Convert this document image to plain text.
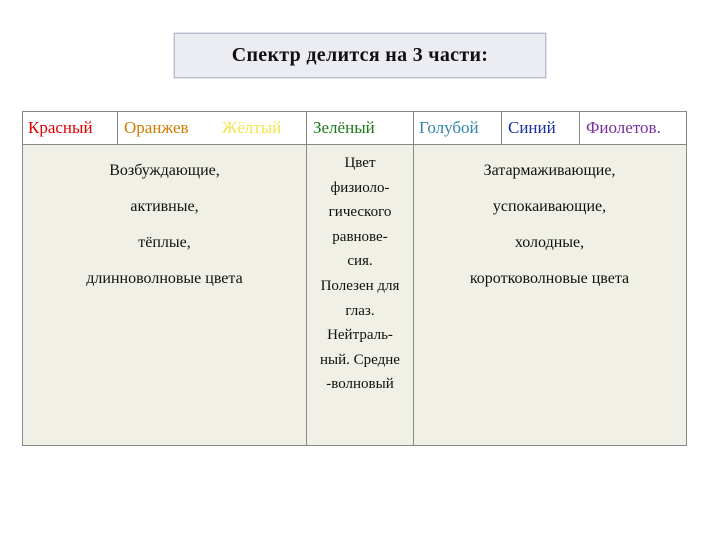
Спектр делится на 3 части:
Красный Оранжев Жёлтый Зелёный	Голубой Синий Фиолетов.
Возбуждающие,
активные,
тёплые,
длинноволновые цвета
Цвет
физиоло-
гического
равнове-
сия.
Полезен для
глаз.
Нейтраль-
ный. Средне
-волновый
Затармаживающие,
успокаивающие,
холодные,
коротковолновые цвета
